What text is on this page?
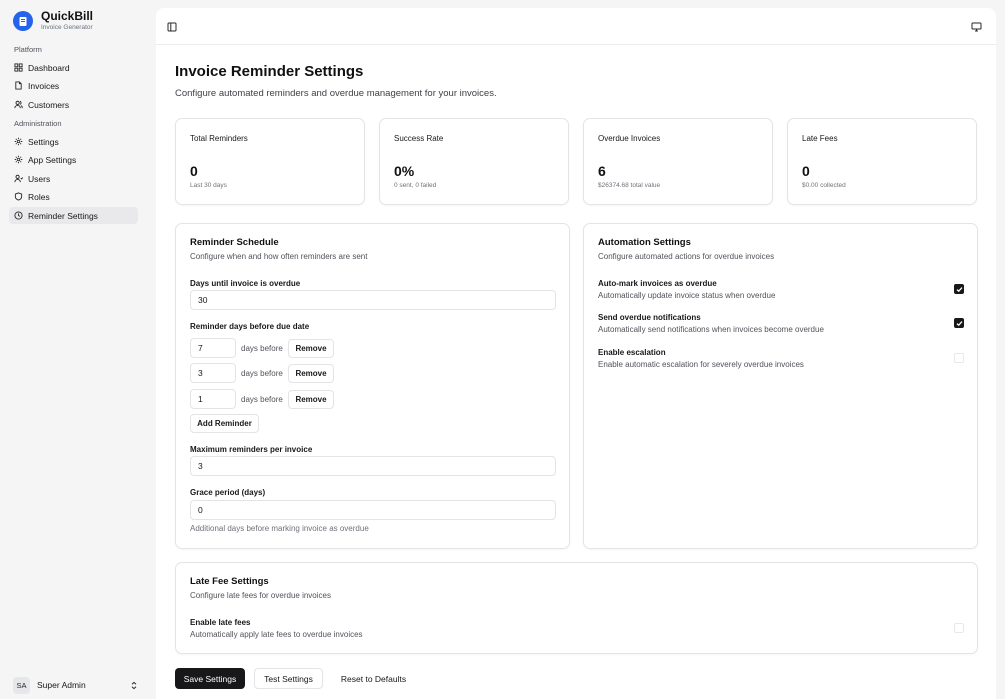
QuickBill
Invoice Generator
Platform
Dashboard
Invoices
Customers
Administration
Settings
App Settings
Users
Roles
Reminder Settings
SA	Super Admin
Invoice Reminder Settings
Configure automated reminders and overdue management for your invoices.
Total Reminders
0
Last 30 days
Success Rate
0%
0 sent, 0 failed
Overdue Invoices
6
$26374.68 total value
Late Fees
0
$0.00 collected
Reminder Schedule
Configure when and how often reminders are sent
Days until invoice is overdue
30
Reminder days before due date
7	days before	Remove
3	days before	Remove
1	days before	Remove
Add Reminder
Maximum reminders per invoice
3
Grace period (days)
0
Additional days before marking invoice as overdue
Automation Settings
Configure automated actions for overdue invoices
Auto-mark invoices as overdue
Automatically update invoice status when overdue
Send overdue notifications
Automatically send notifications when invoices become overdue
Enable escalation
Enable automatic escalation for severely overdue invoices
Late Fee Settings
Configure late fees for overdue invoices
Enable late fees
Automatically apply late fees to overdue invoices
Save Settings	Test Settings	Reset to Defaults
